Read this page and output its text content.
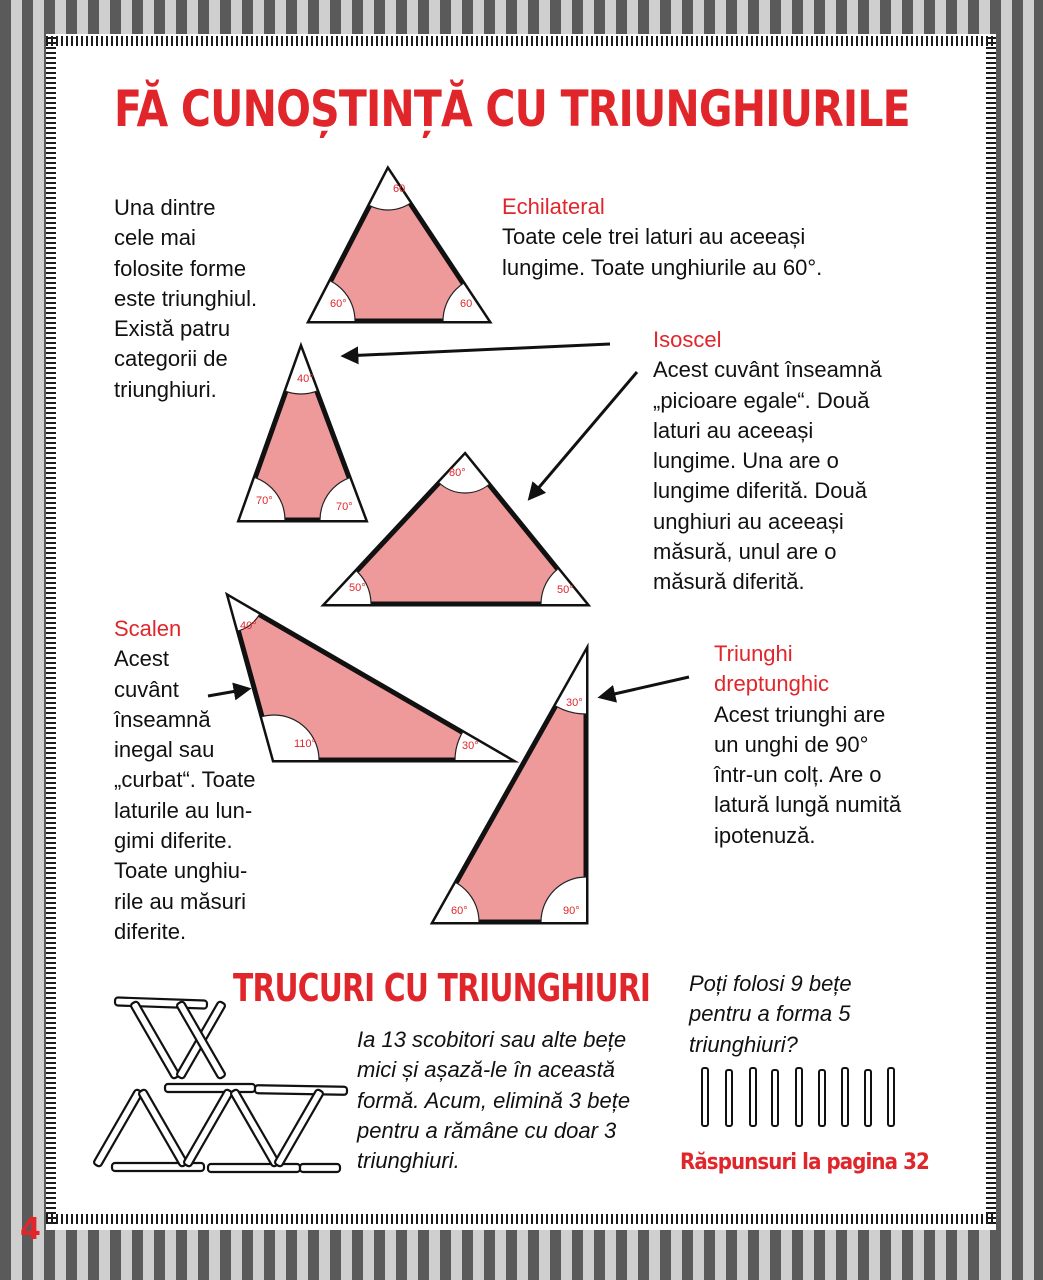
FĂ CUNOȘTINȚĂ CU TRIUNGHIURILE
Una dintre
cele mai
folosite forme
este triunghiul.
Există patru
categorii de
triunghiuri.
Echilateral
Toate cele trei laturi au aceeași
lungime. Toate unghiurile au 60°.
Isoscel
Acest cuvânt înseamnă
„picioare egale“. Două
laturi au aceeași
lungime. Una are o
lungime diferită. Două
unghiuri au aceeași
măsură, unul are o
măsură diferită.
Scalen
Acest
cuvânt
înseamnă
inegal sau
„curbat“. Toate
laturile au lun-
gimi diferite.
Toate unghiu-
rile au măsuri
diferite.
Triunghi
dreptunghic
Acest triunghi are
un unghi de 90°
într-un colț. Are o
latură lungă numită
ipotenuză.
TRUCURI CU TRIUNGHIURI
Ia 13 scobitori sau alte bețe
mici și așază-le în această
formă. Acum, elimină 3 bețe
pentru a rămâne cu doar 3
triunghiuri.
Poți folosi 9 bețe
pentru a forma 5
triunghiuri?
Răspunsuri la pagina 32
4
60
60°	60
40°
70°	70°
80°
50°	50°
40°
110°	30°
30°
60°	90°
